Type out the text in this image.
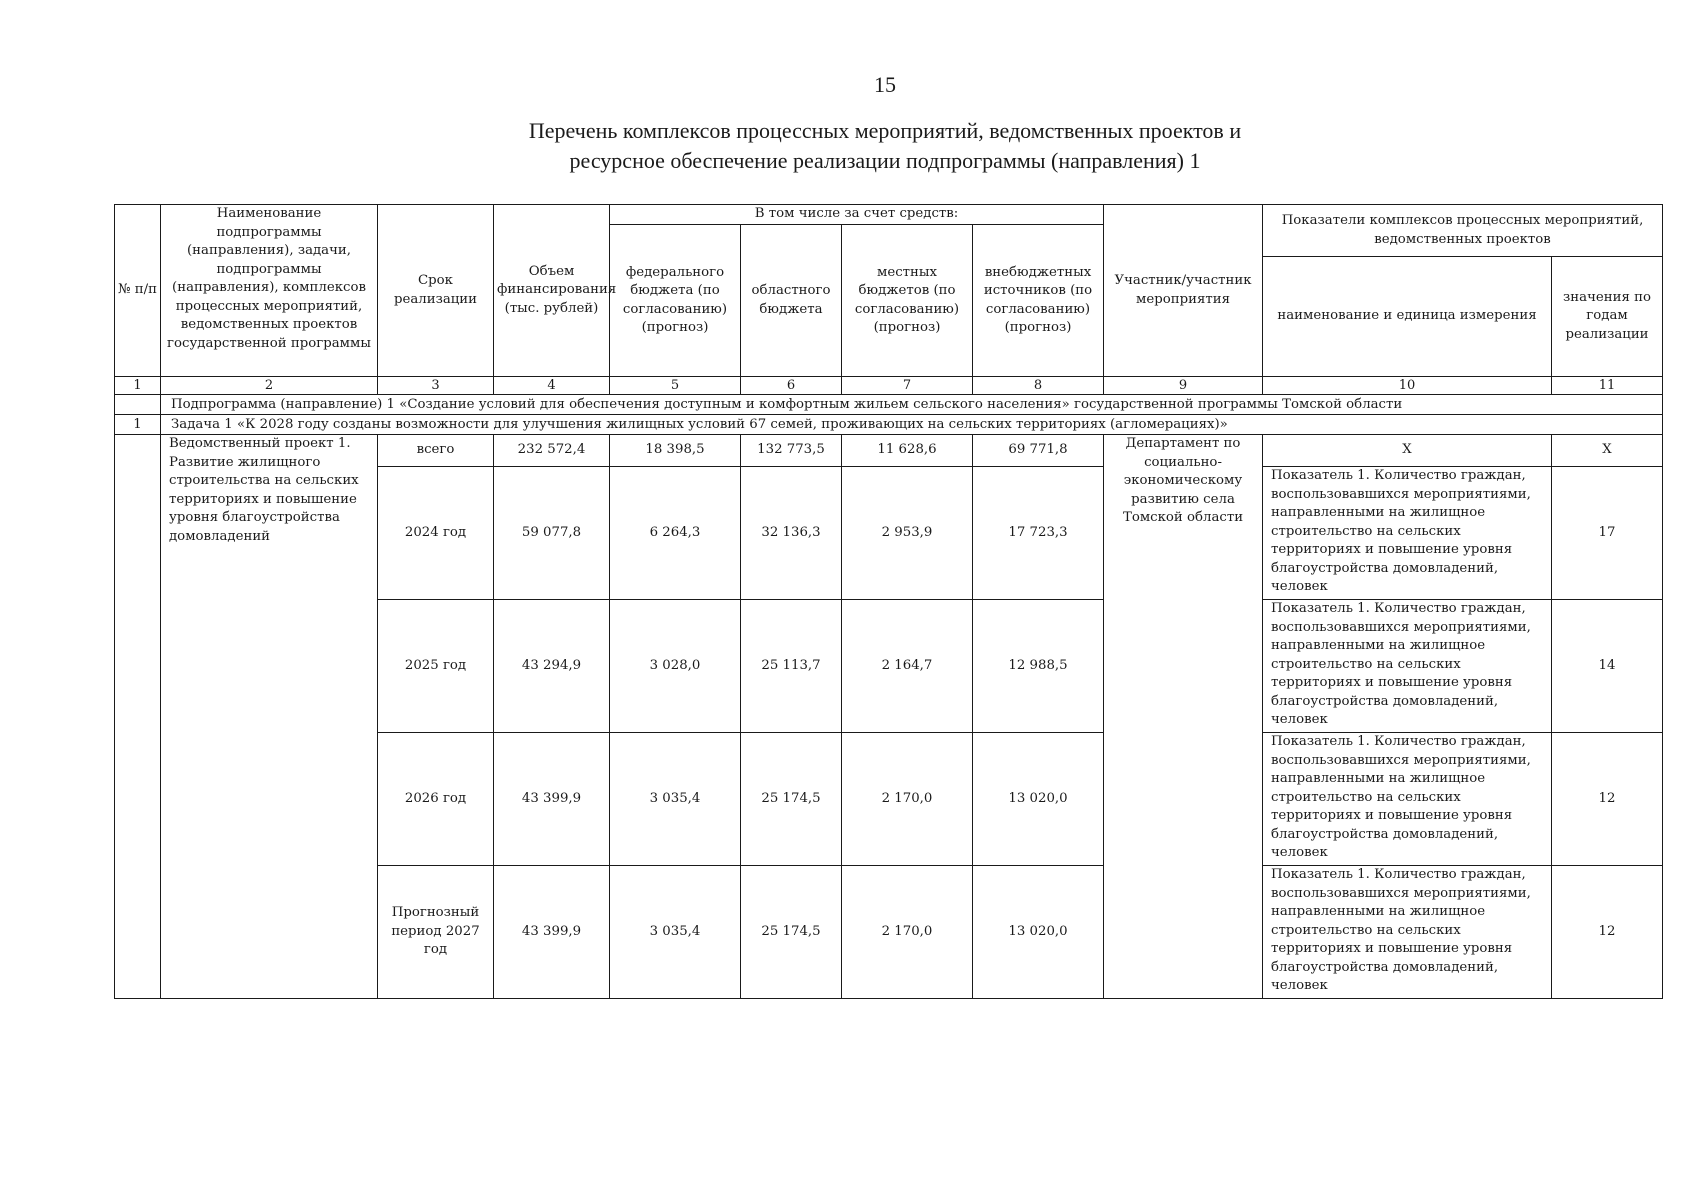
15
Перечень комплексов процессных мероприятий, ведомственных проектов и
ресурсное обеспечение реализации подпрограммы (направления) 1
№ п/п	Наименование подпрограммы (направления), задачи, подпрограммы (направления), комплексов процессных мероприятий, ведомственных проектов государственной программы	Срок реализации	Объем финансирования (тыс. рублей)	В том числе за счет средств:				Участник/участник мероприятия	Показатели комплексов процессных мероприятий, ведомственных проектов	
				федерального бюджета (по согласованию) (прогноз)	областного бюджета	местных бюджетов (по согласованию) (прогноз)	внебюджетных источников (по согласованию) (прогноз)			
									наименование и единица измерения	значения по годам реализации
1	2	3	4	5	6	7	8	9	10	11
	Подпрограмма (направление) 1 «Создание условий для обеспечения доступным и комфортным жильем сельского населения» государственной программы Томской области									
1	Задача 1 «К 2028 году созданы возможности для улучшения жилищных условий 67 семей, проживающих на сельских территориях (агломерациях)»									
	Ведомственный проект 1. Развитие жилищного строительства на сельских территориях и повышение уровня благоустройства домовладений	всего	232 572,4	18 398,5	132 773,5	11 628,6	69 771,8	Департамент по социально-экономическому развитию села Томской области	Х	Х
		2024 год	59 077,8	6 264,3	32 136,3	2 953,9	17 723,3		Показатель 1. Количество граждан, воспользовавшихся мероприятиями, направленными на жилищное строительство на сельских территориях и повышение уровня благоустройства домовладений, человек	17
		2025 год	43 294,9	3 028,0	25 113,7	2 164,7	12 988,5		Показатель 1. Количество граждан, воспользовавшихся мероприятиями, направленными на жилищное строительство на сельских территориях и повышение уровня благоустройства домовладений, человек	14
		2026 год	43 399,9	3 035,4	25 174,5	2 170,0	13 020,0		Показатель 1. Количество граждан, воспользовавшихся мероприятиями, направленными на жилищное строительство на сельских территориях и повышение уровня благоустройства домовладений, человек	12
		Прогнозный период 2027 год	43 399,9	3 035,4	25 174,5	2 170,0	13 020,0		Показатель 1. Количество граждан, воспользовавшихся мероприятиями, направленными на жилищное строительство на сельских территориях и повышение уровня благоустройства домовладений, человек	12
